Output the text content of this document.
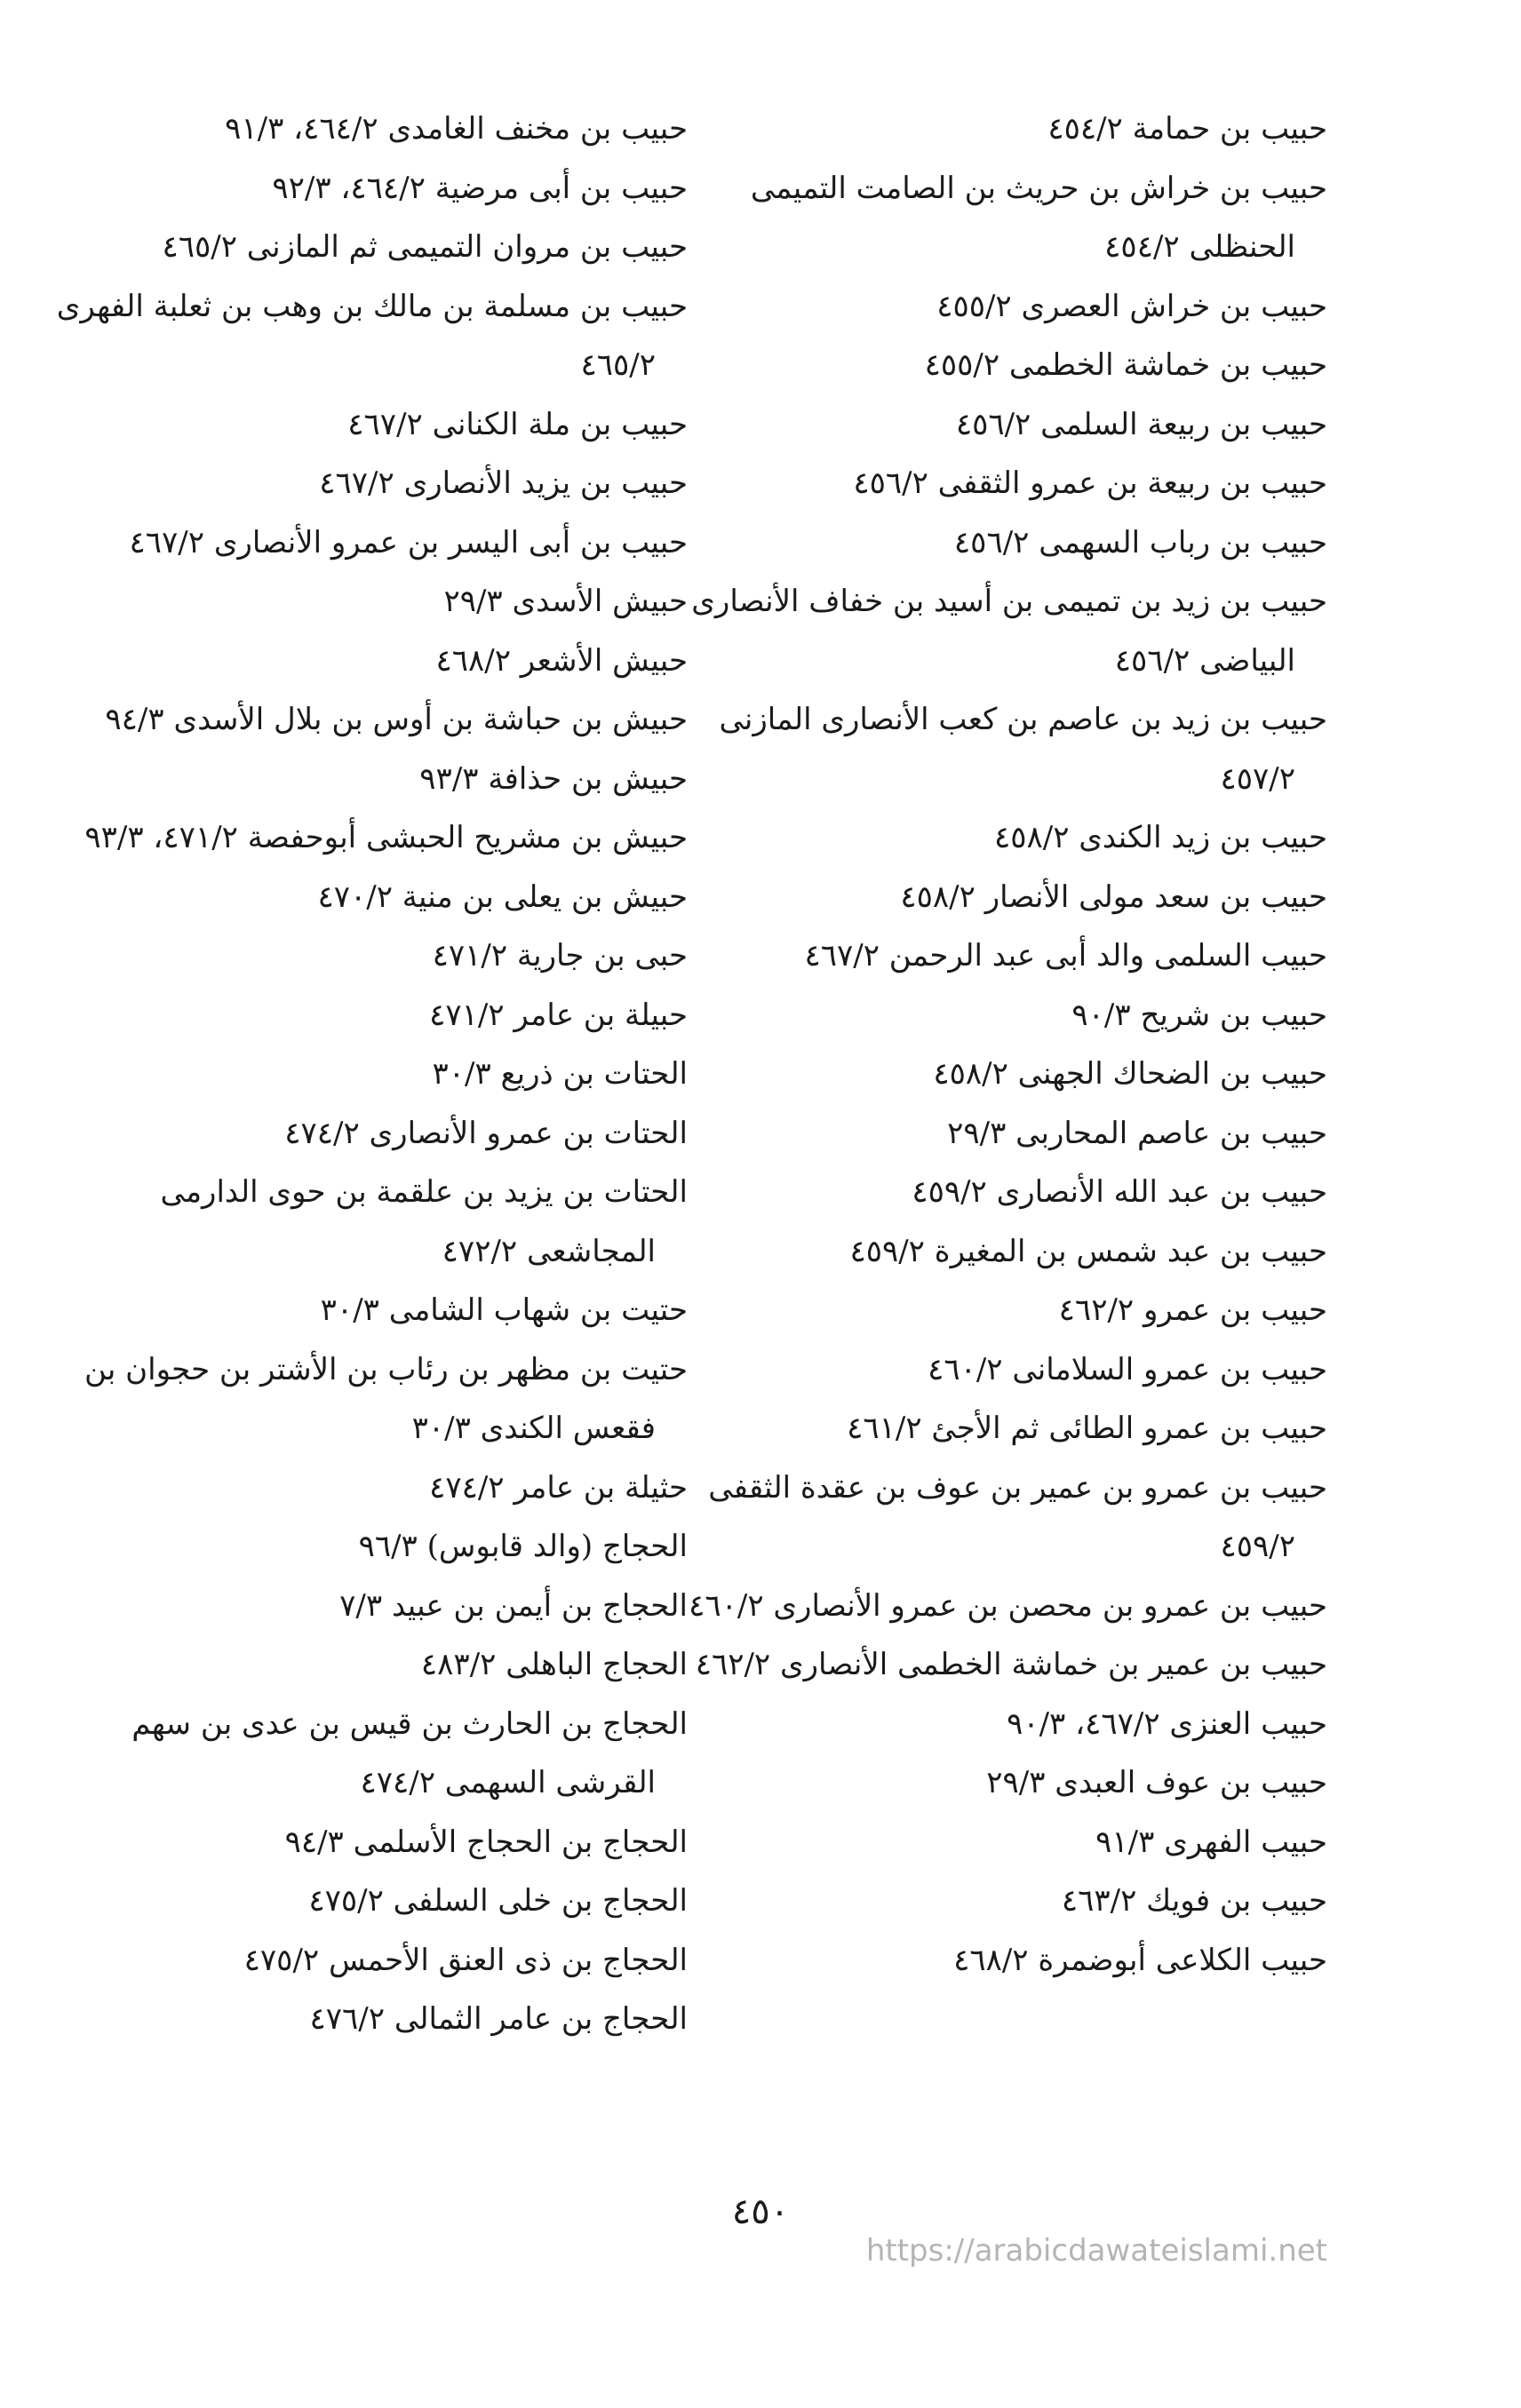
حبيب بن حمامة ٤٥٤/٢

حبيب بن خراش بن حريث بن الصامت التميمى الحنظلى ٤٥٤/٢

حبيب بن خراش العصرى ٤٥٥/٢

حبيب بن خماشة الخطمى ٤٥٥/٢

حبيب بن ربيعة السلمى ٤٥٦/٢

حبيب بن ربيعة بن عمرو الثقفى ٤٥٦/٢

حبيب بن رباب السهمى ٤٥٦/٢

حبيب بن زيد بن تميمى بن أسيد بن خفاف الأنصارى البياضى ٤٥٦/٢

حبيب بن زيد بن عاصم بن كعب الأنصارى المازنى ٤٥٧/٢

حبيب بن زيد الكندى ٤٥٨/٢

حبيب بن سعد مولى الأنصار ٤٥٨/٢

حبيب السلمى والد أبى عبد الرحمن ٤٦٧/٢

حبيب بن شريح ٩٠/٣

حبيب بن الضحاك الجهنى ٤٥٨/٢

حبيب بن عاصم المحاربى ٢٩/٣

حبيب بن عبد الله الأنصارى ٤٥٩/٢

حبيب بن عبد شمس بن المغيرة ٤٥٩/٢

حبيب بن عمرو ٤٦٢/٢

حبيب بن عمرو السلامانى ٤٦٠/٢

حبيب بن عمرو الطائى ثم الأجئ ٤٦١/٢

حبيب بن عمرو بن عمير بن عوف بن عقدة الثقفى ٤٥٩/٢

حبيب بن عمرو بن محصن بن عمرو الأنصارى ٤٦٠/٢

حبيب بن عمير بن خماشة الخطمى الأنصارى ٤٦٢/٢

حبيب العنزى ٤٦٧/٢، ٩٠/٣

حبيب بن عوف العبدى ٢٩/٣

حبيب الفهرى ٩١/٣

حبيب بن فويك ٤٦٣/٢

حبيب الكلاعى أبوضمرة ٤٦٨/٢

حبيب بن مخنف الغامدى ٤٦٤/٢، ٩١/٣

حبيب بن أبى مرضية ٤٦٤/٢، ٩٢/٣

حبيب بن مروان التميمى ثم المازنى ٤٦٥/٢

حبيب بن مسلمة بن مالك بن وهب بن ثعلبة الفهرى ٤٦٥/٢

حبيب بن ملة الكنانى ٤٦٧/٢

حبيب بن يزيد الأنصارى ٤٦٧/٢

حبيب بن أبى اليسر بن عمرو الأنصارى ٤٦٧/٢

حبيش الأسدى ٢٩/٣

حبيش الأشعر ٤٦٨/٢

حبيش بن حباشة بن أوس بن بلال الأسدى ٩٤/٣

حبيش بن حذافة ٩٣/٣

حبيش بن مشريح الحبشى أبوحفصة ٤٧١/٢، ٩٣/٣

حبيش بن يعلى بن منية ٤٧٠/٢

حبى بن جارية ٤٧١/٢

حبيلة بن عامر ٤٧١/٢

الحتات بن ذريع ٣٠/٣

الحتات بن عمرو الأنصارى ٤٧٤/٢

الحتات بن يزيد بن علقمة بن حوى الدارمى المجاشعى ٤٧٢/٢

حتيت بن شهاب الشامى ٣٠/٣

حتيت بن مظهر بن رئاب بن الأشتر بن حجوان بن فقعس الكندى ٣٠/٣

حثيلة بن عامر ٤٧٤/٢

الحجاج (والد قابوس) ٩٦/٣

الحجاج بن أيمن بن عبيد ٧/٣

الحجاج الباهلى ٤٨٣/٢

الحجاج بن الحارث بن قيس بن عدى بن سهم القرشى السهمى ٤٧٤/٢

الحجاج بن الحجاج الأسلمى ٩٤/٣

الحجاج بن خلى السلفى ٤٧٥/٢

الحجاج بن ذى العنق الأحمس ٤٧٥/٢

الحجاج بن عامر الثمالى ٤٧٦/٢

٤٥٠
https://arabicdawateislami.net
